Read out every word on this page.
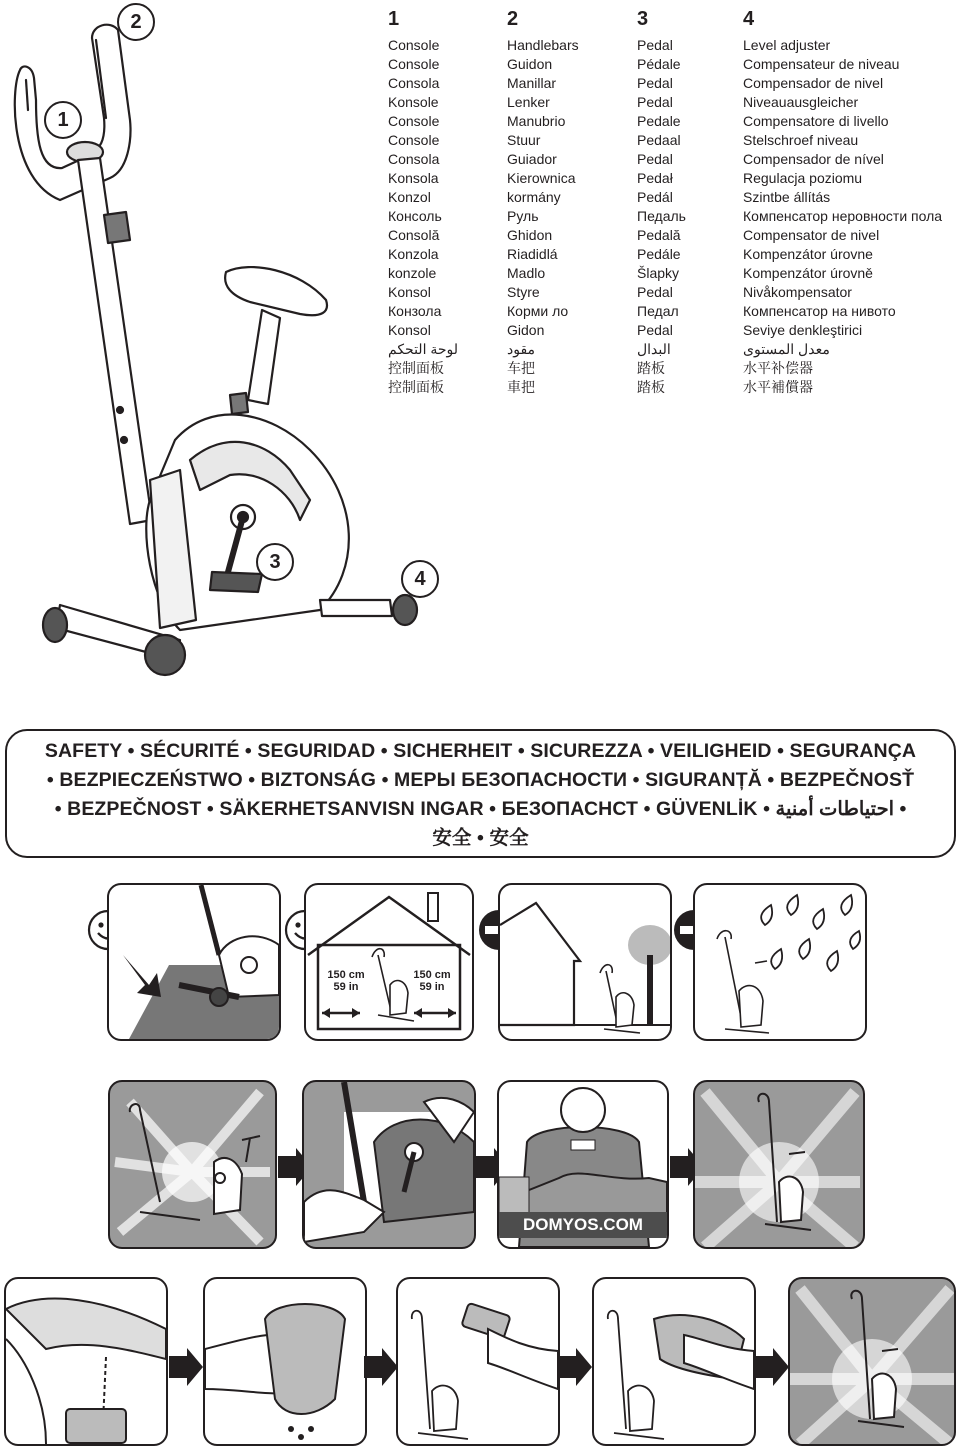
1
2
3
4
1
Console
Console
Consola
Konsole
Console
Console
Consola
Konsola
Konzol
Консоль
Consolă
Konzola
konzole
Konsol
Конзола
Konsol
لوحة التحكم
控制面板
控制面板
2
Handlebars
Guidon
Manillar
Lenker
Manubrio
Stuur
Guiador
Kierownica
kormány
Руль
Ghidon
Riadidlá
Madlo
Styre
Корми ло
Gidon
مقود
车把
車把
3
Pedal
Pédale
Pedal
Pedal
Pedale
Pedaal
Pedal
Pedał
Pedál
Педаль
Pedală
Pedále
Šlapky
Pedal
Педал
Pedal
البدال
踏板
踏板
4
Level adjuster
Compensateur de niveau
Compensador de nivel
Niveauausgleicher
Compensatore di livello
Stelschroef niveau
Compensador de nível
Regulacja poziomu
Szintbe állítás
Компенсатор неровности пола
Compensator de nivel
Kompenzátor úrovne
Kompenzátor úrovně
Nivåkompensator
Компенсатор на нивото
Seviye denkleştirici
معدل المستوى
水平补偿器
水平補償器
SAFETY • SÉCURITÉ • SEGURIDAD • SICHERHEIT • SICUREZZA • VEILIGHEID • SEGURANÇA
• BEZPIECZEŃSTWO • BIZTONSÁG • МЕРЫ БЕЗОПАСНОСТИ • SIGURANȚĂ • BEZPEČNOSŤ
• BEZPEČNOST • SÄKERHETSANVISN INGAR • БЕЗОПАСНСТ • GÜVENLİK • احتياطات أمنية •
安全 • 安全
150 cm
59 in
150 cm
59 in
DOMYOS.COM
